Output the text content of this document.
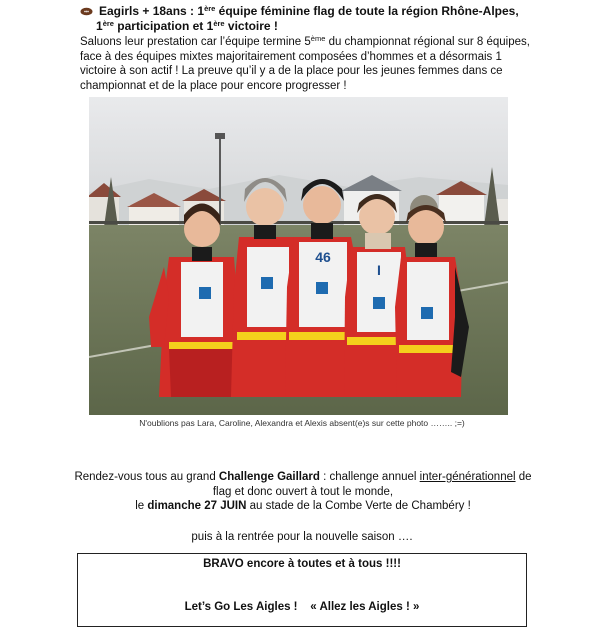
Eagirls + 18ans : 1ère équipe féminine flag de toute la région Rhône-Alpes,
1ère participation et 1ère victoire !
Saluons leur prestation car l’équipe termine 5ème du championnat régional sur 8 équipes, face à des équipes mixtes majoritairement composées d’hommes et a désormais 1 victoire à son actif ! La preuve qu’il y a de la place pour les jeunes femmes dans ce championnat et de la place pour encore progresser !
46
I
N'oublions pas Lara, Caroline, Alexandra et Alexis absent(e)s sur cette photo …….. ;=)
Rendez-vous tous au grand Challenge Gaillard : challenge annuel inter-générationnel de flag et donc ouvert à tout le monde,
le dimanche 27 JUIN au stade de la Combe Verte de Chambéry !
puis à la rentrée pour la nouvelle saison ….
BRAVO encore à toutes et à tous !!!!
Let’s Go Les Aigles !    « Allez les Aigles ! »
